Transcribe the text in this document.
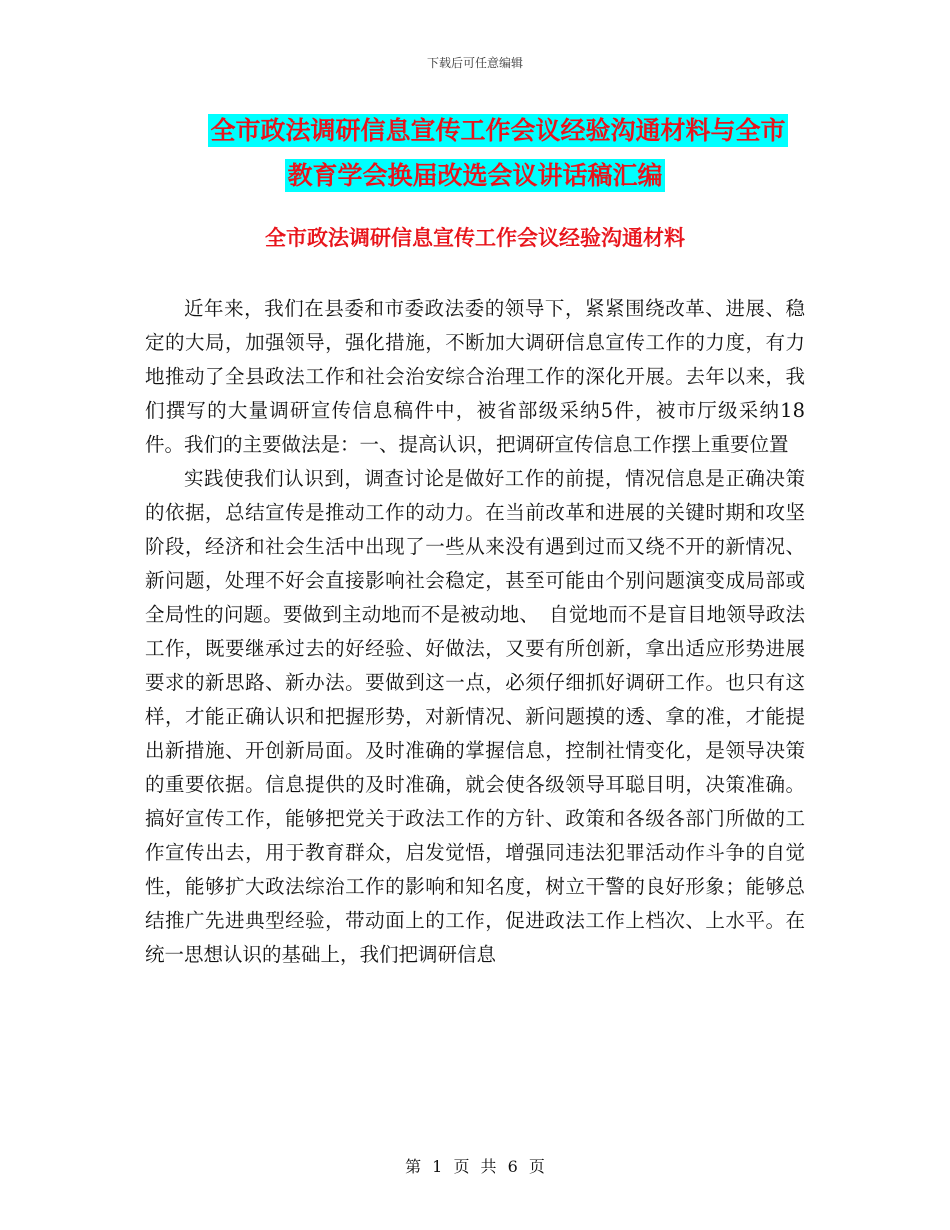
下载后可任意编辑
全市政法调研信息宣传工作会议经验沟通材料与全市
教育学会换届改选会议讲话稿汇编
全市政法调研信息宣传工作会议经验沟通材料

近年来，我们在县委和市委政法委的领导下，紧紧围绕改革、进展、稳定的大局，加强领导，强化措施，不断加大调研信息宣传工作的力度，有力地推动了全县政法工作和社会治安综合治理工作的深化开展。去年以来，我们撰写的大量调研宣传信息稿件中，被省部级采纳5件，被市厅级采纳18件。我们的主要做法是：一、提高认识，把调研宣传信息工作摆上重要位置

实践使我们认识到，调查讨论是做好工作的前提，情况信息是正确决策的依据，总结宣传是推动工作的动力。在当前改革和进展的关键时期和攻坚阶段，经济和社会生活中出现了一些从来没有遇到过而又绕不开的新情况、新问题，处理不好会直接影响社会稳定，甚至可能由个别问题演变成局部或全局性的问题。要做到主动地而不是被动地、　自觉地而不是盲目地领导政法工作，既要继承过去的好经验、好做法，又要有所创新，拿出适应形势进展要求的新思路、新办法。要做到这一点，必须仔细抓好调研工作。也只有这样，才能正确认识和把握形势，对新情况、新问题摸的透、拿的准，才能提出新措施、开创新局面。及时准确的掌握信息，控制社情变化，是领导决策的重要依据。信息提供的及时准确，就会使各级领导耳聪目明，决策准确。搞好宣传工作，能够把党关于政法工作的方针、政策和各级各部门所做的工作宣传出去，用于教育群众，启发觉悟，增强同违法犯罪活动作斗争的自觉性，能够扩大政法综治工作的影响和知名度，树立干警的良好形象；能够总结推广先进典型经验，带动面上的工作，促进政法工作上档次、上水平。在统一思想认识的基础上，我们把调研信息

第 1 页 共 6 页
